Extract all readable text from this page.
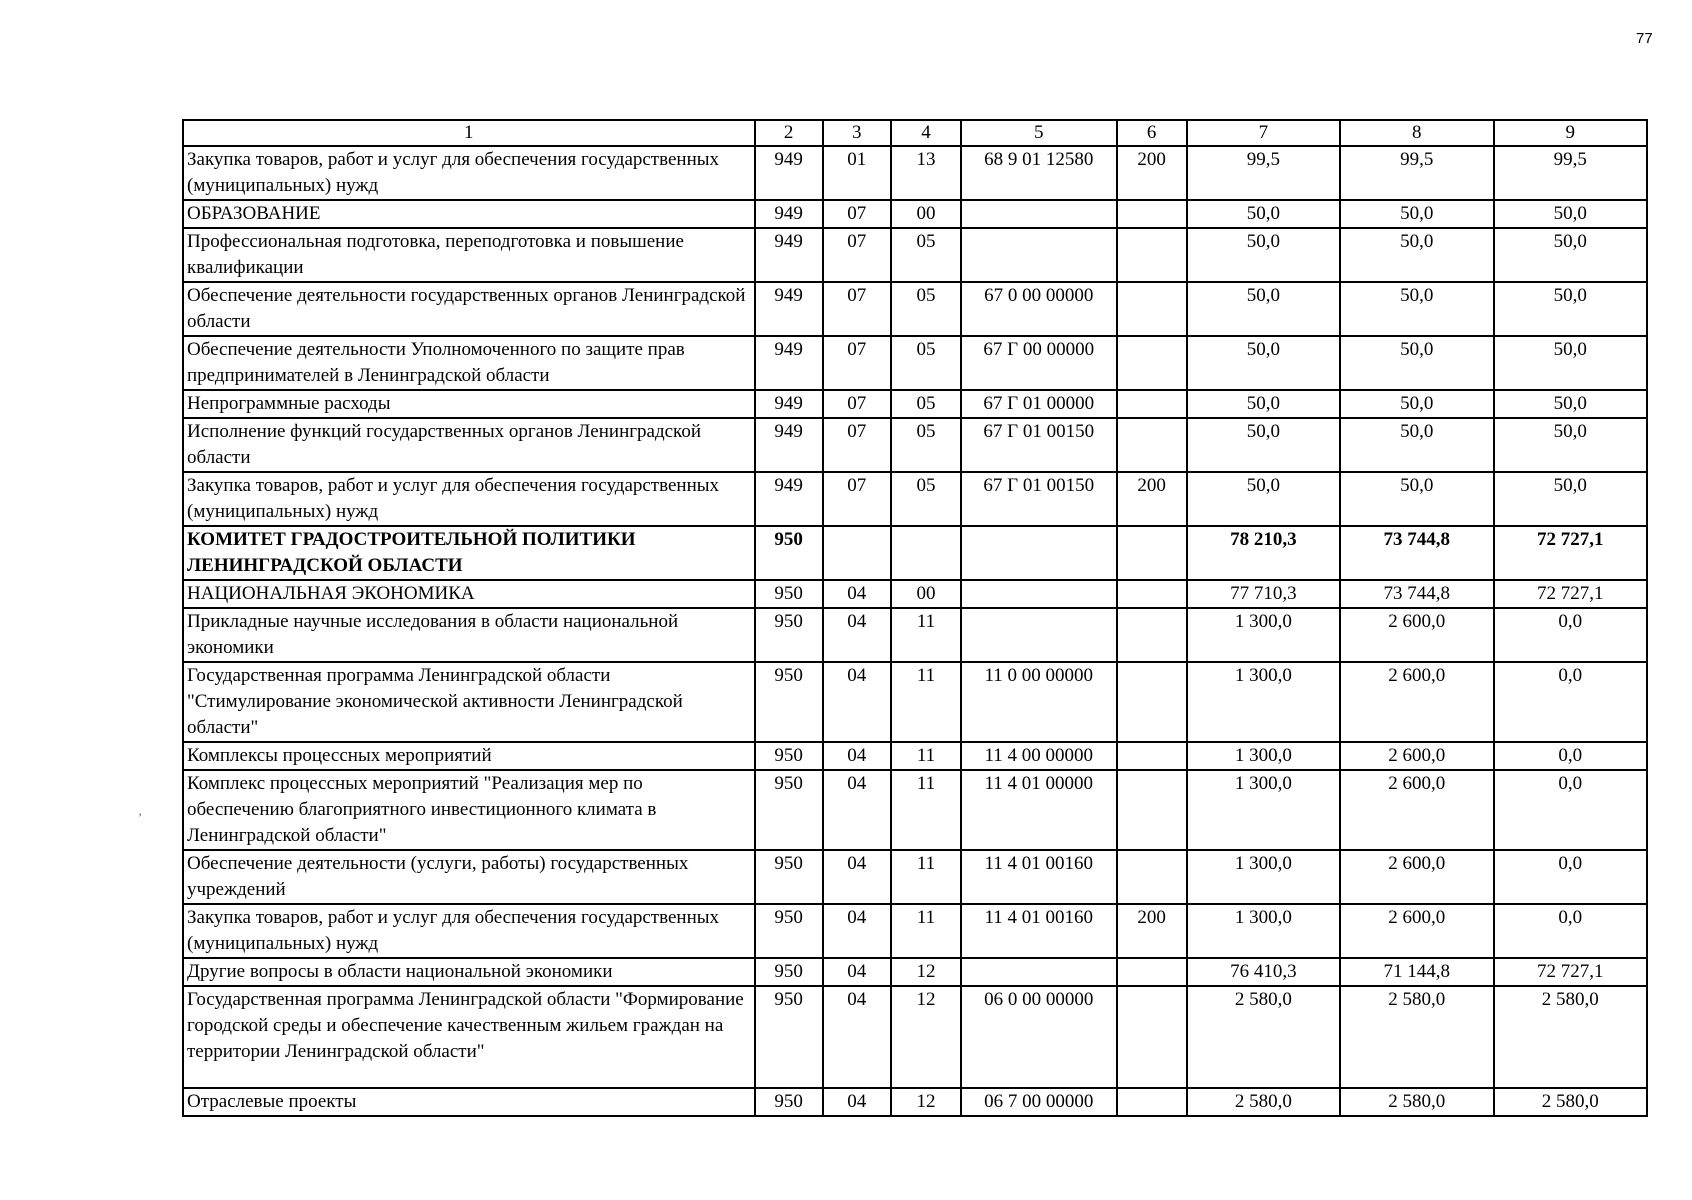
77
’
1	2	3	4	5	6	7	8	9
Закупка товаров, работ и услуг для обеспечения государственных (муниципальных) нужд	949	01	13	68 9 01 12580	200	99,5	99,5	99,5
ОБРАЗОВАНИЕ	949	07	00			50,0	50,0	50,0
Профессиональная подготовка, переподготовка и повышение квалификации	949	07	05			50,0	50,0	50,0
Обеспечение деятельности государственных органов Ленинградской области	949	07	05	67 0 00 00000		50,0	50,0	50,0
Обеспечение деятельности Уполномоченного по защите прав предпринимателей в Ленинградской области	949	07	05	67 Г 00 00000		50,0	50,0	50,0
Непрограммные расходы	949	07	05	67 Г 01 00000		50,0	50,0	50,0
Исполнение функций государственных органов Ленинградской области	949	07	05	67 Г 01 00150		50,0	50,0	50,0
Закупка товаров, работ и услуг для обеспечения государственных (муниципальных) нужд	949	07	05	67 Г 01 00150	200	50,0	50,0	50,0
КОМИТЕТ ГРАДОСТРОИТЕЛЬНОЙ ПОЛИТИКИ ЛЕНИНГРАДСКОЙ ОБЛАСТИ	950					78 210,3	73 744,8	72 727,1
НАЦИОНАЛЬНАЯ ЭКОНОМИКА	950	04	00			77 710,3	73 744,8	72 727,1
Прикладные научные исследования в области национальной экономики	950	04	11			1 300,0	2 600,0	0,0
Государственная программа Ленинградской области "Стимулирование экономической активности Ленинградской области"	950	04	11	11 0 00 00000		1 300,0	2 600,0	0,0
Комплексы процессных мероприятий	950	04	11	11 4 00 00000		1 300,0	2 600,0	0,0
Комплекс процессных мероприятий "Реализация мер по обеспечению благоприятного инвестиционного климата в Ленинградской области"	950	04	11	11 4 01 00000		1 300,0	2 600,0	0,0
Обеспечение деятельности (услуги, работы) государственных учреждений	950	04	11	11 4 01 00160		1 300,0	2 600,0	0,0
Закупка товаров, работ и услуг для обеспечения государственных (муниципальных) нужд	950	04	11	11 4 01 00160	200	1 300,0	2 600,0	0,0
Другие вопросы в области национальной экономики	950	04	12			76 410,3	71 144,8	72 727,1
Государственная программа Ленинградской области "Формирование городской среды и обеспечение качественным жильем граждан на территории Ленинградской области"	950	04	12	06 0 00 00000		2 580,0	2 580,0	2 580,0
Отраслевые проекты	950	04	12	06 7 00 00000		2 580,0	2 580,0	2 580,0
